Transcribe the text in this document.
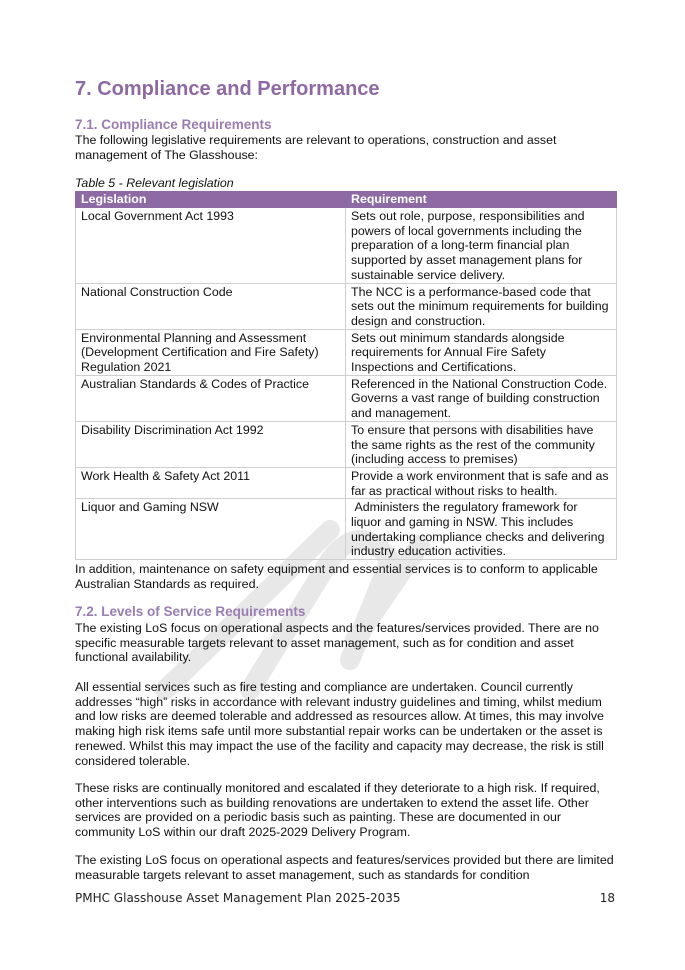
7. Compliance and Performance
7.1. Compliance Requirements

The following legislative requirements are relevant to operations, construction and asset management of The Glasshouse:

Table 5 - Relevant legislation
Legislation	Requirement
Local Government Act 1993	Sets out role, purpose, responsibilities and powers of local governments including the preparation of a long-term financial plan supported by asset management plans for sustainable service delivery.
National Construction Code	The NCC is a performance-based code that sets out the minimum requirements for building design and construction.
Environmental Planning and Assessment (Development Certification and Fire Safety) Regulation 2021	Sets out minimum standards alongside requirements for Annual Fire Safety Inspections and Certifications.
Australian Standards & Codes of Practice	Referenced in the National Construction Code. Governs a vast range of building construction and management.
Disability Discrimination Act 1992	To ensure that persons with disabilities have the same rights as the rest of the community (including access to premises)
Work Health & Safety Act 2011	Provide a work environment that is safe and as far as practical without risks to health.
Liquor and Gaming NSW	Administers the regulatory framework for liquor and gaming in NSW. This includes undertaking compliance checks and delivering industry education activities.

In addition, maintenance on safety equipment and essential services is to conform to applicable Australian Standards as required.

7.2. Levels of Service Requirements

The existing LoS focus on operational aspects and the features/services provided. There are no specific measurable targets relevant to asset management, such as for condition and asset functional availability.

All essential services such as fire testing and compliance are undertaken. Council currently addresses “high” risks in accordance with relevant industry guidelines and timing, whilst medium and low risks are deemed tolerable and addressed as resources allow. At times, this may involve making high risk items safe until more substantial repair works can be undertaken or the asset is renewed. Whilst this may impact the use of the facility and capacity may decrease, the risk is still considered tolerable.

These risks are continually monitored and escalated if they deteriorate to a high risk. If required, other interventions such as building renovations are undertaken to extend the asset life. Other services are provided on a periodic basis such as painting. These are documented in our community LoS within our draft 2025-2029 Delivery Program.

The existing LoS focus on operational aspects and features/services provided but there are limited measurable targets relevant to asset management, such as standards for condition

PMHC Glasshouse Asset Management Plan 2025-2035	18
